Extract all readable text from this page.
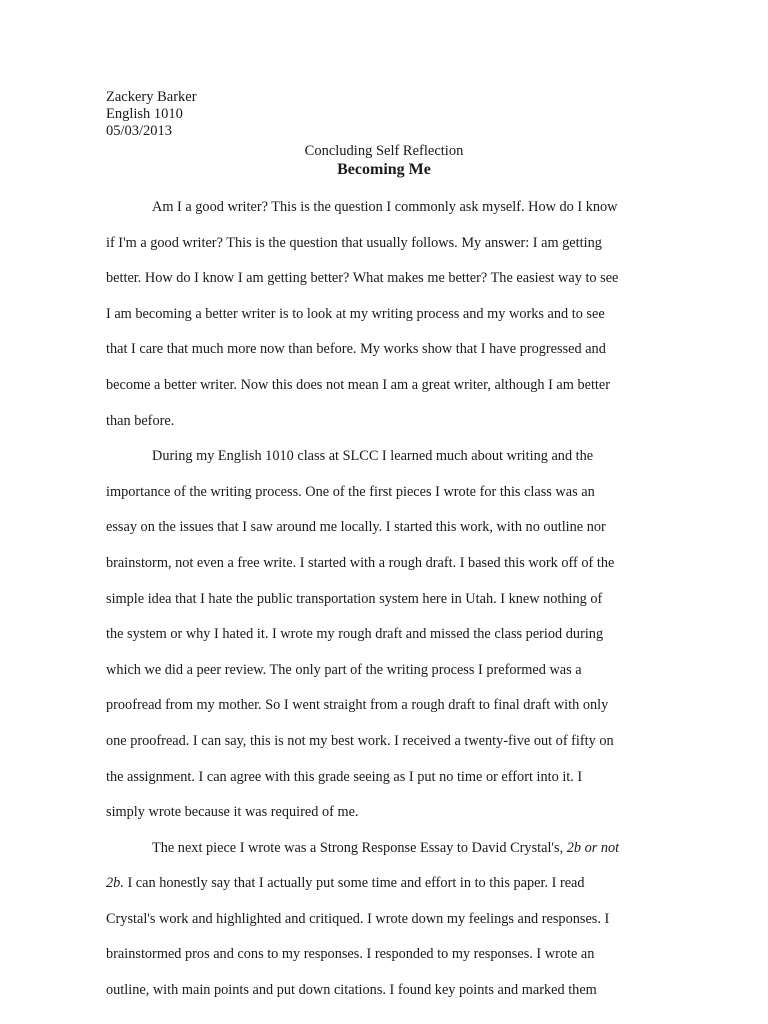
Zackery Barker
English 1010
05/03/2013
Concluding Self Reflection
Becoming Me
Am I a good writer? This is the question I commonly ask myself. How do I know
if I'm a good writer? This is the question that usually follows. My answer: I am getting
better. How do I know I am getting better? What makes me better? The easiest way to see
I am becoming a better writer is to look at my writing process and my works and to see
that I care that much more now than before. My works show that I have progressed and
become a better writer. Now this does not mean I am a great writer, although I am better
than before.
During my English 1010 class at SLCC I learned much about writing and the
importance of the writing process. One of the first pieces I wrote for this class was an
essay on the issues that I saw around me locally. I started this work, with no outline nor
brainstorm, not even a free write. I started with a rough draft. I based this work off of the
simple idea that I hate the public transportation system here in Utah. I knew nothing of
the system or why I hated it. I wrote my rough draft and missed the class period during
which we did a peer review. The only part of the writing process I preformed was a
proofread from my mother. So I went straight from a rough draft to final draft with only
one proofread. I can say, this is not my best work. I received a twenty-five out of fifty on
the assignment. I can agree with this grade seeing as I put no time or effort into it. I
simply wrote because it was required of me.
The next piece I wrote was a Strong Response Essay to David Crystal's, 2b or not
2b. I can honestly say that I actually put some time and effort in to this paper. I read
Crystal's work and highlighted and critiqued. I wrote down my feelings and responses. I
brainstormed pros and cons to my responses. I responded to my responses. I wrote an
outline, with main points and put down citations. I found key points and marked them
